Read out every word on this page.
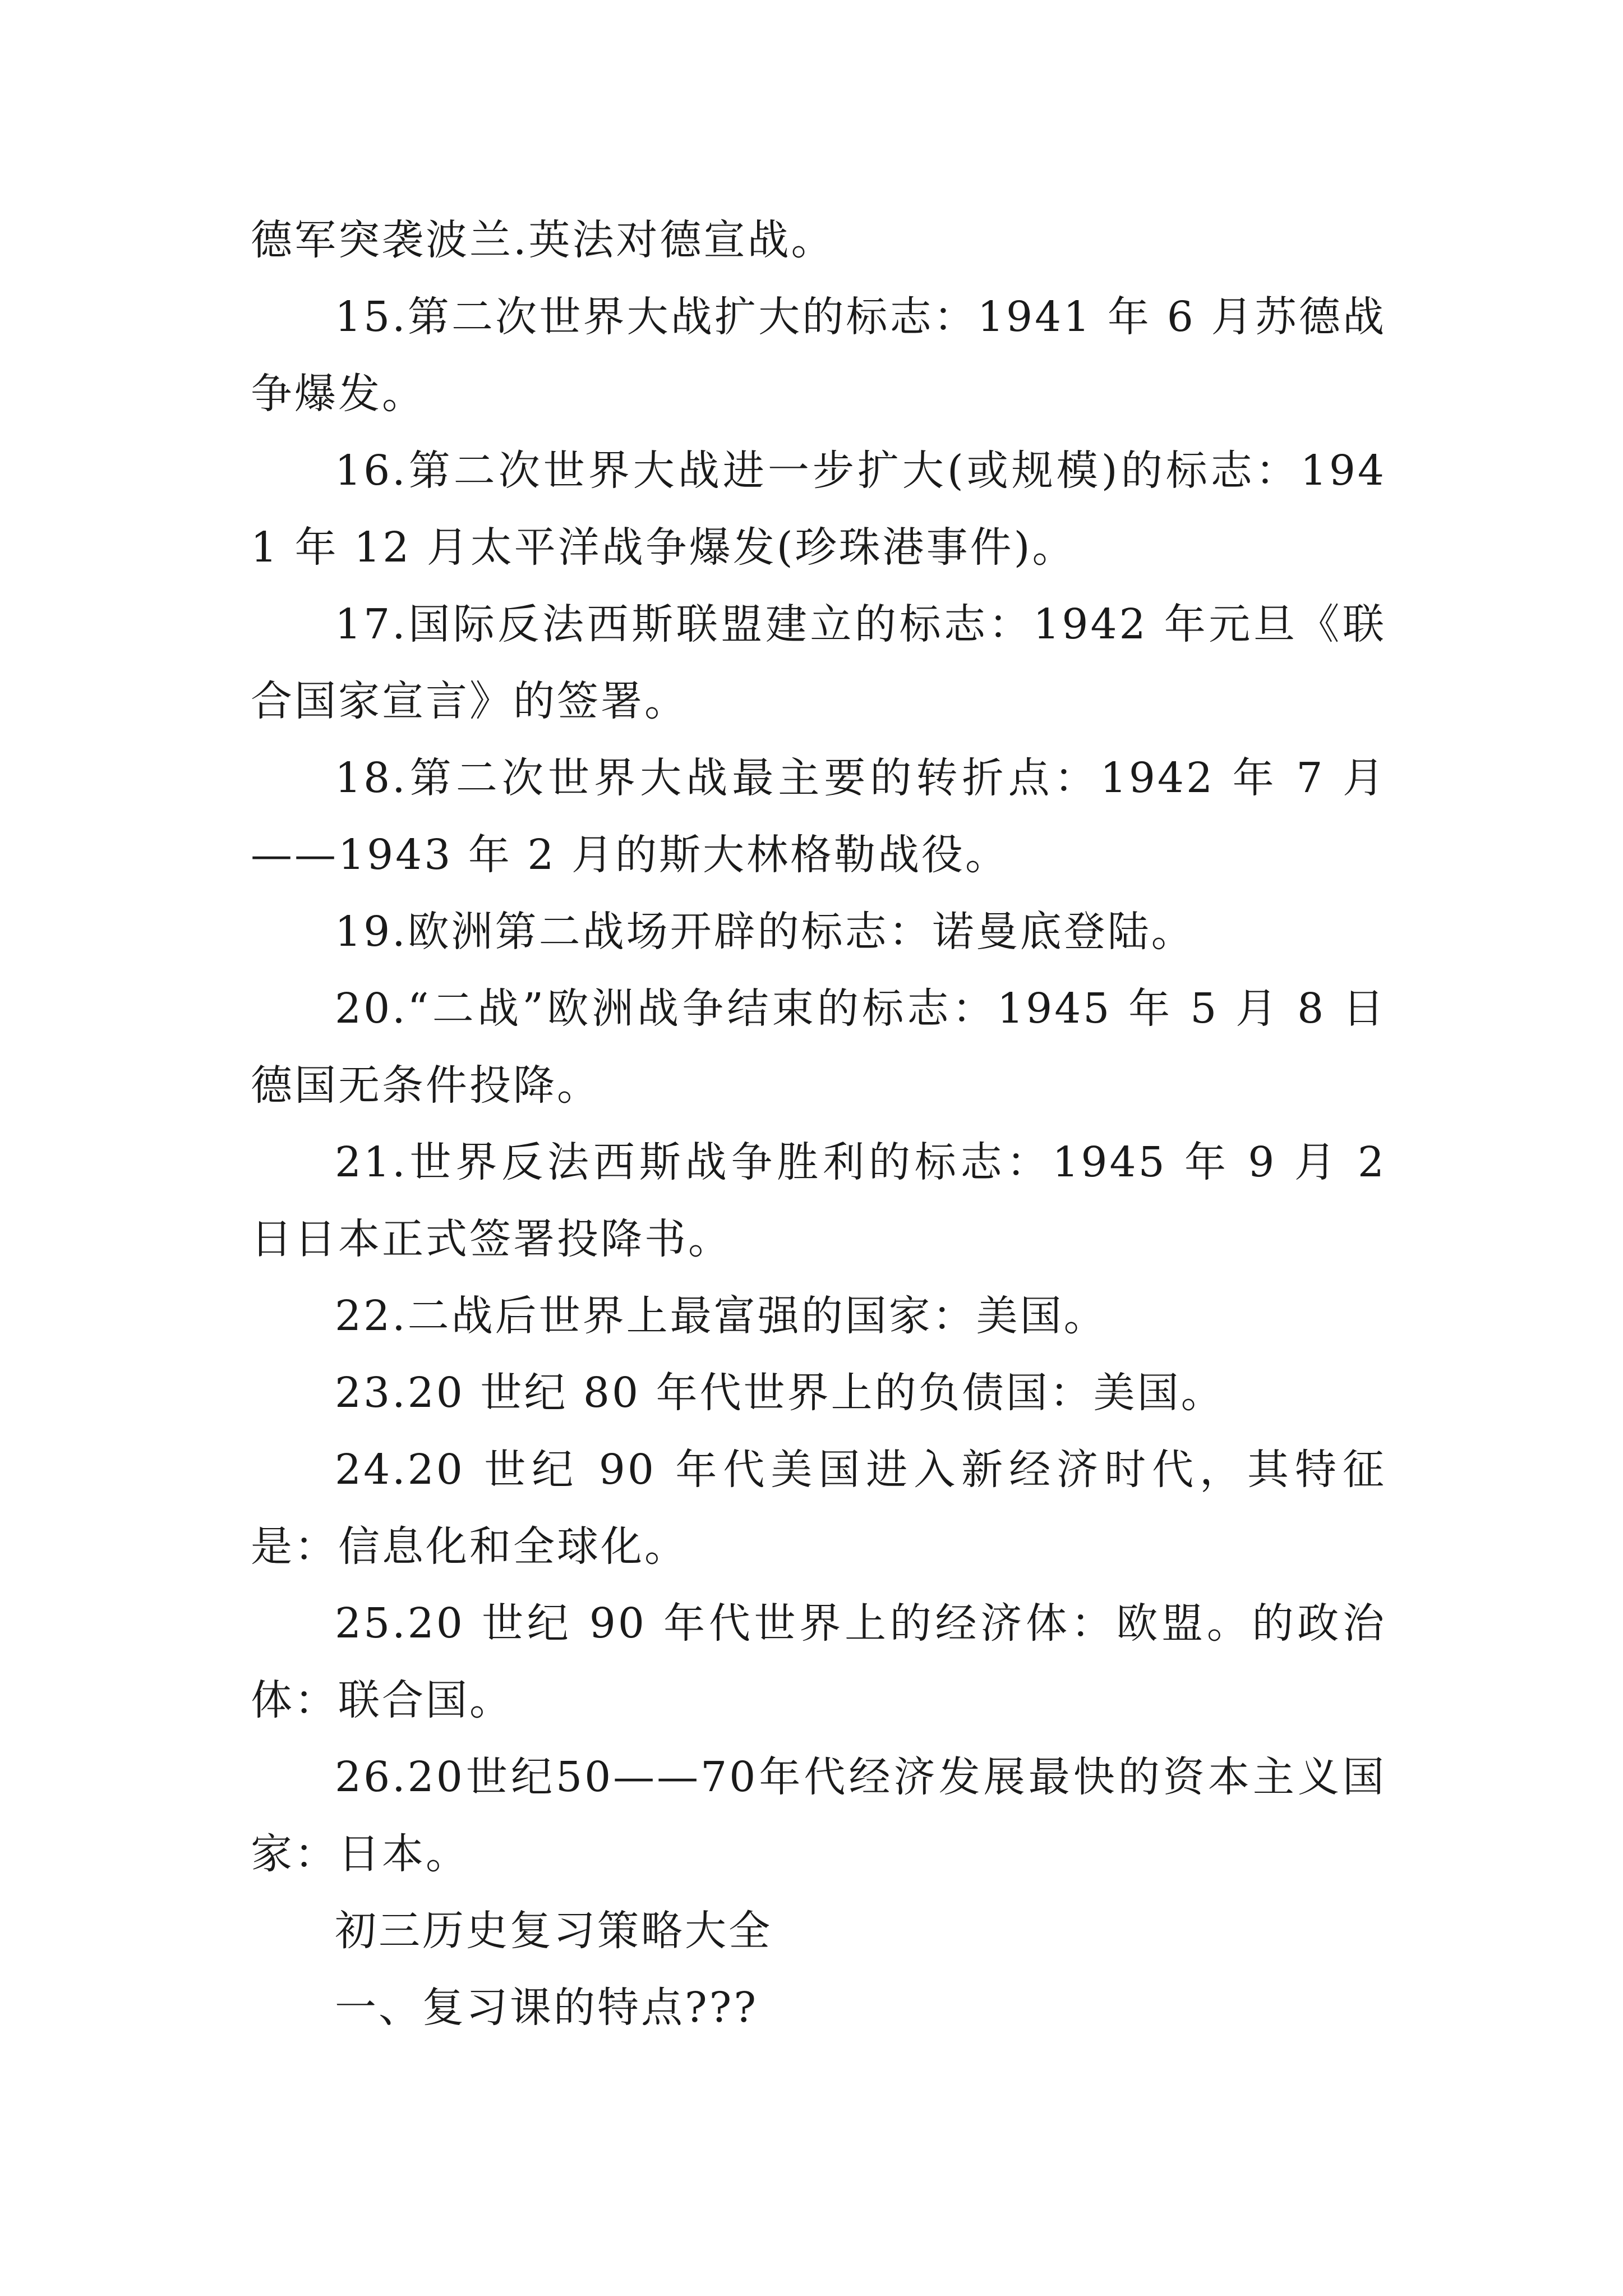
德军突袭波兰.英法对德宣战。

15.第二次世界大战扩大的标志：1941 年 6 月苏德战争爆发。

16.第二次世界大战进一步扩大(或规模)的标志：1941 年 12 月太平洋战争爆发(珍珠港事件)。

17.国际反法西斯联盟建立的标志：1942 年元旦《联合国家宣言》的签署。

18.第二次世界大战最主要的转折点：1942 年 7 月——1943 年 2 月的斯大林格勒战役。

19.欧洲第二战场开辟的标志：诺曼底登陆。

20.“二战”欧洲战争结束的标志：1945 年 5 月 8 日德国无条件投降。

21.世界反法西斯战争胜利的标志：1945 年 9 月 2 日日本正式签署投降书。

22.二战后世界上最富强的国家：美国。

23.20 世纪 80 年代世界上的负债国：美国。

24.20 世纪 90 年代美国进入新经济时代，其特征是：信息化和全球化。

25.20 世纪 90 年代世界上的经济体：欧盟。的政治体：联合国。

26.20世纪50——70年代经济发展最快的资本主义国家：日本。

初三历史复习策略大全

一、复习课的特点???
